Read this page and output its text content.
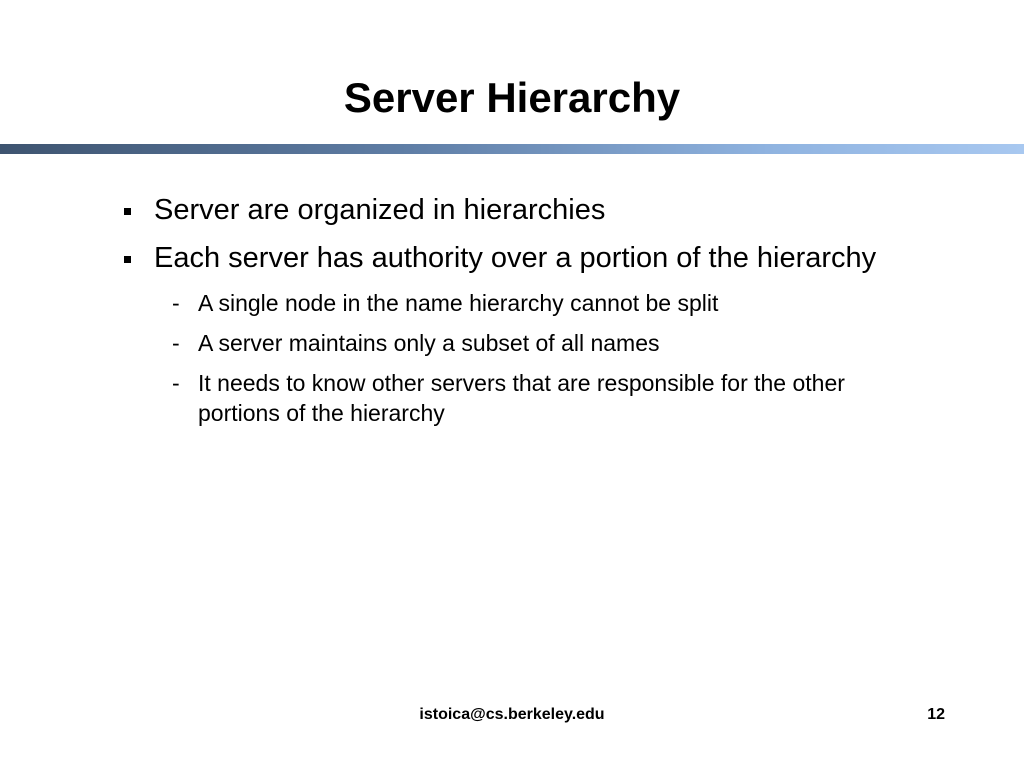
Server Hierarchy
Server are organized in hierarchies
Each server has authority over a portion of the hierarchy
- A single node in the name hierarchy cannot be split
- A server maintains only a subset of all names
- It needs to know other servers that are responsible for the other portions of the hierarchy
istoica@cs.berkeley.edu	12
